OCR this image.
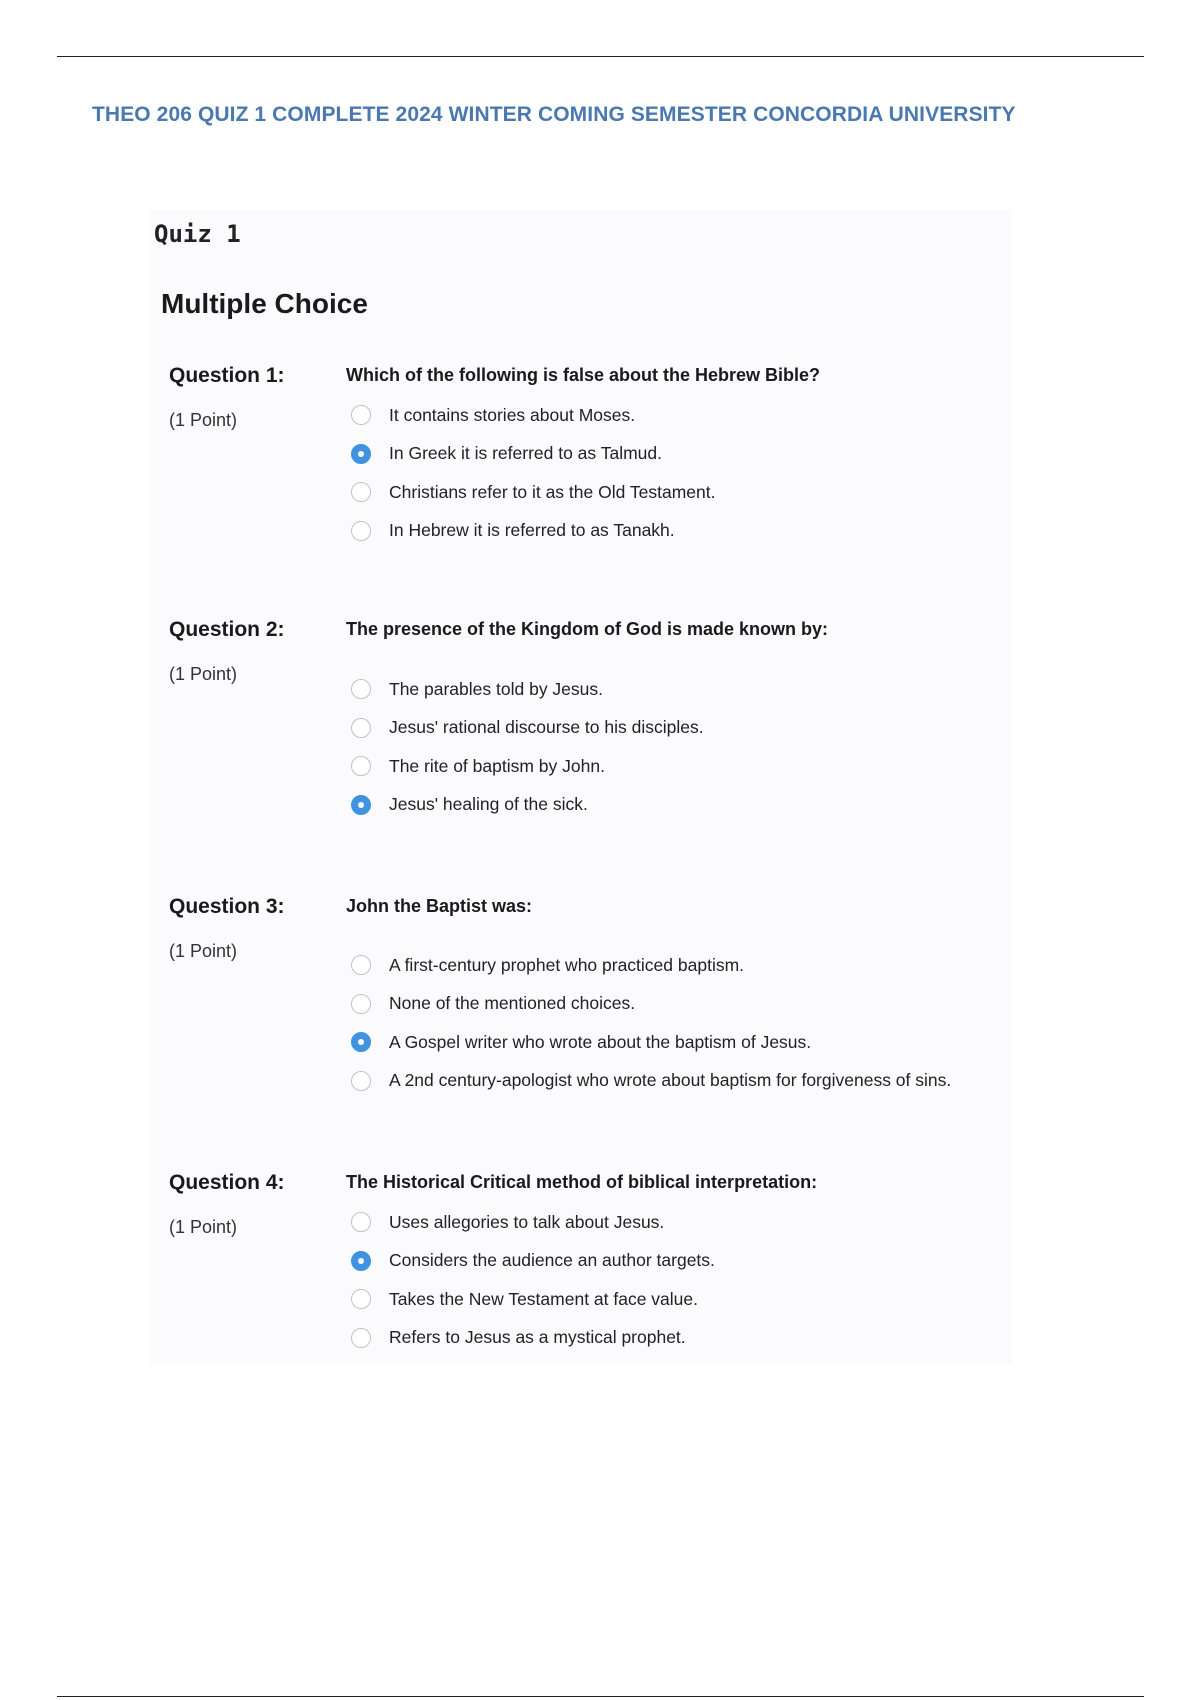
THEO 206 QUIZ 1 COMPLETE 2024 WINTER COMING SEMESTER CONCORDIA UNIVERSITY
Quiz 1
Multiple Choice
Question 1:
(1 Point)
Which of the following is false about the Hebrew Bible?
It contains stories about Moses.
In Greek it is referred to as Talmud.
Christians refer to it as the Old Testament.
In Hebrew it is referred to as Tanakh.
Question 2:
(1 Point)
The presence of the Kingdom of God is made known by:
The parables told by Jesus.
Jesus' rational discourse to his disciples.
The rite of baptism by John.
Jesus' healing of the sick.
Question 3:
(1 Point)
John the Baptist was:
A first-century prophet who practiced baptism.
None of the mentioned choices.
A Gospel writer who wrote about the baptism of Jesus.
A 2nd century-apologist who wrote about baptism for forgiveness of sins.
Question 4:
(1 Point)
The Historical Critical method of biblical interpretation:
Uses allegories to talk about Jesus.
Considers the audience an author targets.
Takes the New Testament at face value.
Refers to Jesus as a mystical prophet.
